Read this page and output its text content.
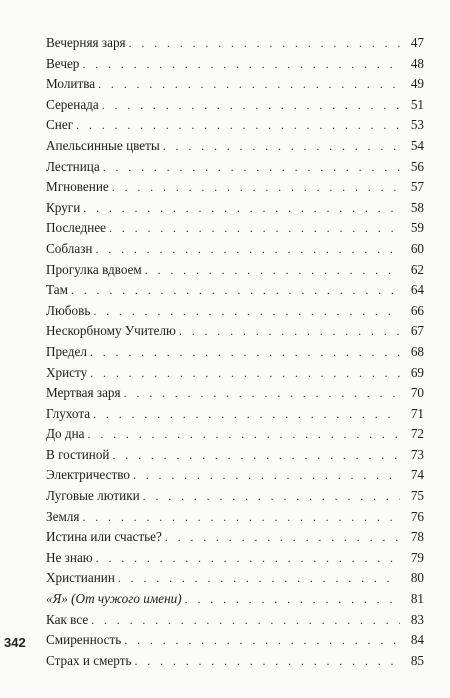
Вечерняя заря . . .	47
Вечер . . .	48
Молитва . . .	49
Серенада . . .	51
Снег . . .	53
Апельсинные цветы . . .	54
Лестница . . .	56
Мгновение . . .	57
Круги . . .	58
Последнее . . .	59
Соблазн . . .	60
Прогулка вдвоем . . .	62
Там . . .	64
Любовь . . .	66
Нескорбному Учителю . . .	67
Предел . . .	68
Христу . . .	69
Мертвая заря . . .	70
Глухота . . .	71
До дна . . .	72
В гостиной . . .	73
Электричество . . .	74
Луговые лютики . . .	75
Земля . . .	76
Истина или счастье? . . .	78
Не знаю . . .	79
Христианин . . .	80
«Я» (От чужого имени) . . .	81
Как все . . .	83
Смиренность . . .	84
Страх и смерть . . .	85
342
